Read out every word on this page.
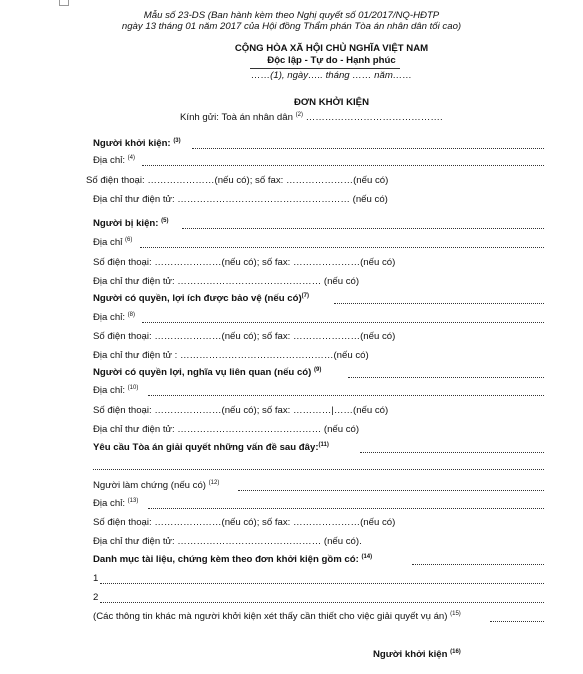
Mẫu số 23-DS (Ban hành kèm theo Nghị quyết số 01/2017/NQ-HĐTP
ngày 13 tháng 01 năm 2017 của Hội đồng Thẩm phán Tòa án nhân dân tối cao)
CỘNG HÒA XÃ HỘI CHỦ NGHĨA VIỆT NAM
Độc lập - Tự do - Hạnh phúc
……(1), ngày….. tháng …… năm……
ĐƠN KHỞI KIỆN
Kính gửi: Toà án nhân dân $^{(2)}$ …………………………………….
Người khởi kiện: $^{(3)}$
Địa chỉ: $^{(4)}$
Số điện thoại: …………………(nếu có); số fax: …………………(nếu có)
Địa chỉ thư điện tử: ……………………………………………… (nếu có)
Người bị kiện: $^{(5)}$
Địa chỉ $^{(6)}$
Số điện thoại: …………………(nếu có); số fax: …………………(nếu có)
Địa chỉ thư điện tử: ……………………………………… (nếu có)
Người có quyền, lợi ích được bảo vệ (nếu có)$^{(7)}$
Địa chỉ: $^{(8)}$
Số điện thoại: …………………(nếu có); số fax: …………………(nếu có)
Địa chỉ thư điện tử : …………………………………………(nếu có)
Người có quyền lợi, nghĩa vụ liên quan (nếu có) $^{(9)}$
Địa chỉ: $^{(10)}$
Số điện thoại: …………………(nếu có); số fax: …………|……(nếu có)
Địa chỉ thư điện tử: ……………………………………… (nếu có)
Yêu cầu Tòa án giải quyết những vấn đề sau đây:$^{(11)}$
Người làm chứng (nếu có) $^{(12)}$
Địa chỉ: $^{(13)}$
Số điện thoại: …………………(nếu có); số fax: …………………(nếu có)
Địa chỉ thư điện tử: ……………………………………… (nếu có).
Danh mục tài liệu, chứng kèm theo đơn khởi kiện gồm có: $^{(14)}$
1
2
(Các thông tin khác mà người khởi kiện xét thấy cần thiết cho việc giải quyết vụ án) $^{(15)}$
Người khởi kiện $^{(16)}$
